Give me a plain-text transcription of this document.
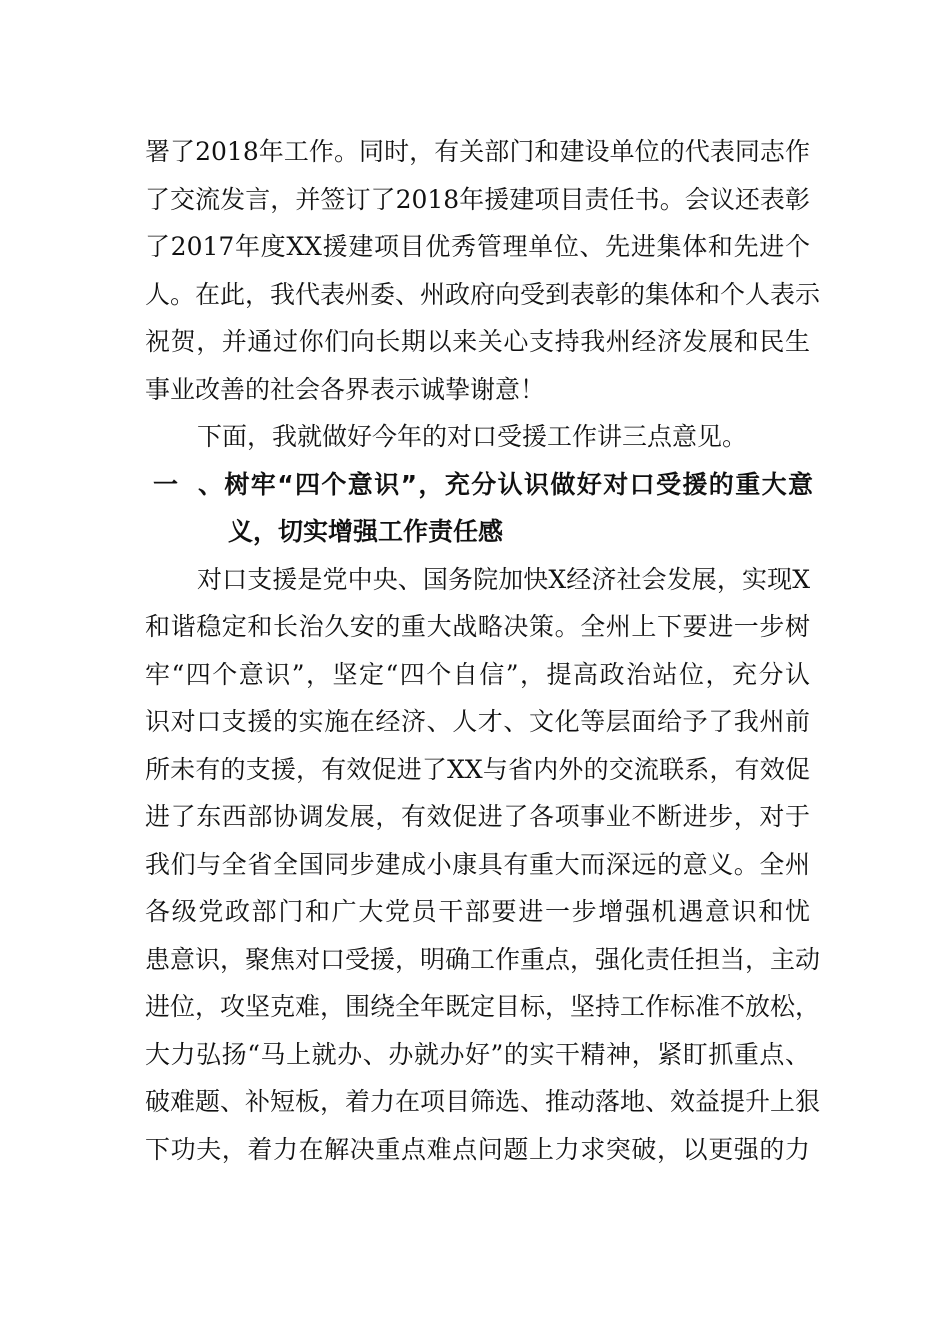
署了2018年工作。同时，有关部门和建设单位的代表同志作
了交流发言，并签订了2018年援建项目责任书。会议还表彰
了2017年度XX援建项目优秀管理单位、先进集体和先进个
人。在此，我代表州委、州政府向受到表彰的集体和个人表示
祝贺，并通过你们向长期以来关心支持我州经济发展和民生
事业改善的社会各界表示诚挚谢意！
下面，我就做好今年的对口受援工作讲三点意见。
一、树牢“四个意识”，充分认识做好对口受援的重大意
义，切实增强工作责任感
对口支援是党中央、国务院加快X经济社会发展，实现X
和谐稳定和长治久安的重大战略决策。全州上下要进一步树
牢“四个意识”，坚定“四个自信”，提高政治站位，充分认
识对口支援的实施在经济、人才、文化等层面给予了我州前
所未有的支援，有效促进了XX与省内外的交流联系，有效促
进了东西部协调发展，有效促进了各项事业不断进步，对于
我们与全省全国同步建成小康具有重大而深远的意义。全州
各级党政部门和广大党员干部要进一步增强机遇意识和忧
患意识，聚焦对口受援，明确工作重点，强化责任担当，主动
进位，攻坚克难，围绕全年既定目标，坚持工作标准不放松，
大力弘扬“马上就办、办就办好”的实干精神，紧盯抓重点、
破难题、补短板，着力在项目筛选、推动落地、效益提升上狠
下功夫，着力在解决重点难点问题上力求突破，以更强的力
